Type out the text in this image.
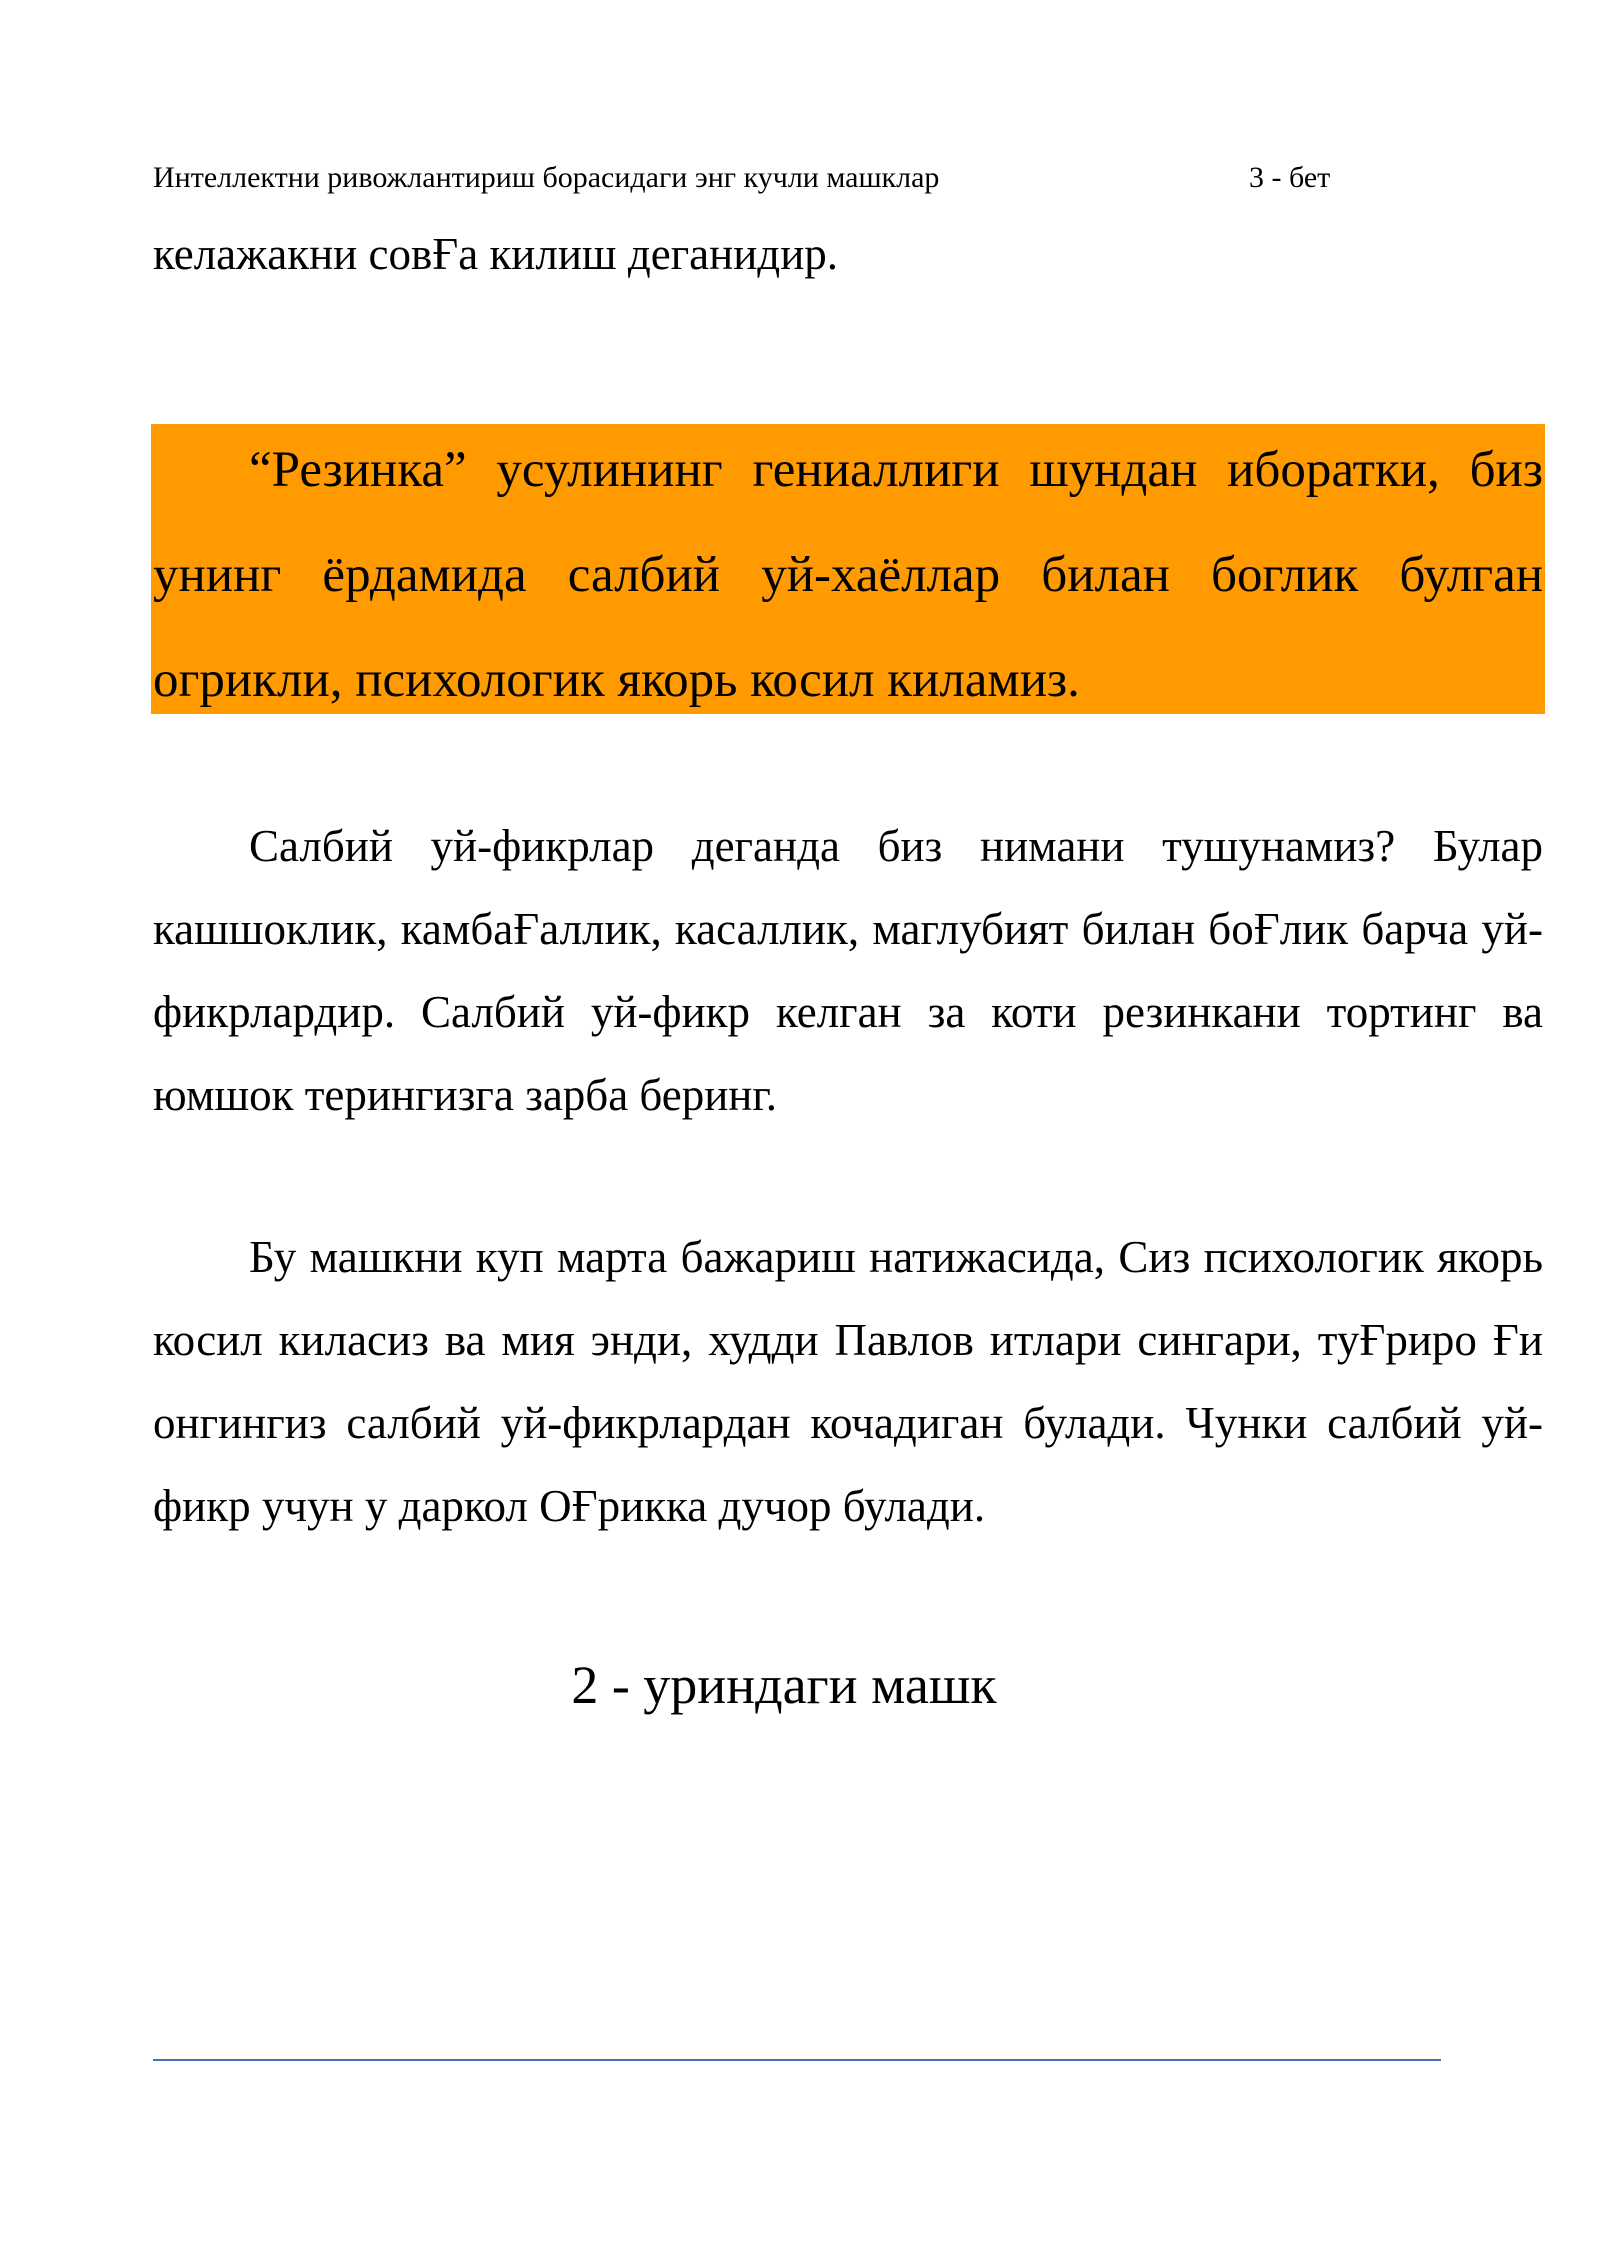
Интеллектни ривожлантириш борасидаги энг кучли машклар	3 - бет

келажакни совҒа килиш деганидир.

“Резинка” усулининг гениаллиги шундан иборатки, биз унинг ёрдамида салбий уй-хаёллар билан боглик булган огрикли, психологик якорь косил киламиз.

Салбий уй-фикрлар деганда биз нимани тушунамиз? Булар кашшоклик, камбаҒаллик, касаллик, маглубият билан боҒлик барча уй-фикрлардир. Салбий уй-фикр келган за коти резинкани тортинг ва юмшок терингизга зарба беринг.

Бу машкни куп марта бажариш натижасида, Сиз психологик якорь косил киласиз ва мия энди, худди Павлов итлари сингари, туҒриро Ғи онгингиз салбий уй-фикрлардан кочадиган булади. Чунки салбий уй-фикр учун у даркол ОҒрикка дучор булади.

2 - уриндаги машк
